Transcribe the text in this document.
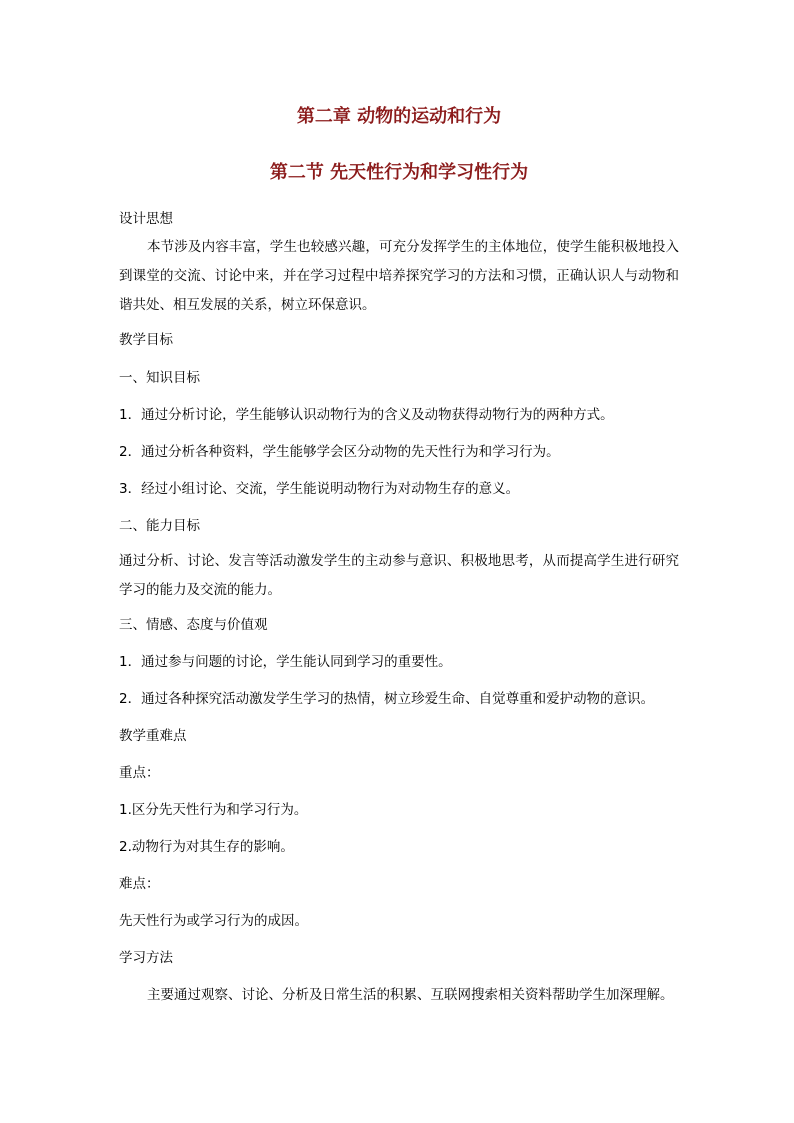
第二章 动物的运动和行为
第二节 先天性行为和学习性行为

设计思想

本节涉及内容丰富，学生也较感兴趣，可充分发挥学生的主体地位，使学生能积极地投入到课堂的交流、讨论中来，并在学习过程中培养探究学习的方法和习惯，正确认识人与动物和谐共处、相互发展的关系，树立环保意识。

教学目标

一、知识目标

1．通过分析讨论，学生能够认识动物行为的含义及动物获得动物行为的两种方式。

2．通过分析各种资料，学生能够学会区分动物的先天性行为和学习行为。

3．经过小组讨论、交流，学生能说明动物行为对动物生存的意义。

二、能力目标

通过分析、讨论、发言等活动激发学生的主动参与意识、积极地思考，从而提高学生进行研究学习的能力及交流的能力。

三、情感、态度与价值观

1．通过参与问题的讨论，学生能认同到学习的重要性。

2．通过各种探究活动激发学生学习的热情，树立珍爱生命、自觉尊重和爱护动物的意识。

教学重难点

重点：

1.区分先天性行为和学习行为。

2.动物行为对其生存的影响。

难点：

先天性行为或学习行为的成因。

学习方法

主要通过观察、讨论、分析及日常生活的积累、互联网搜索相关资料帮助学生加深理解。
